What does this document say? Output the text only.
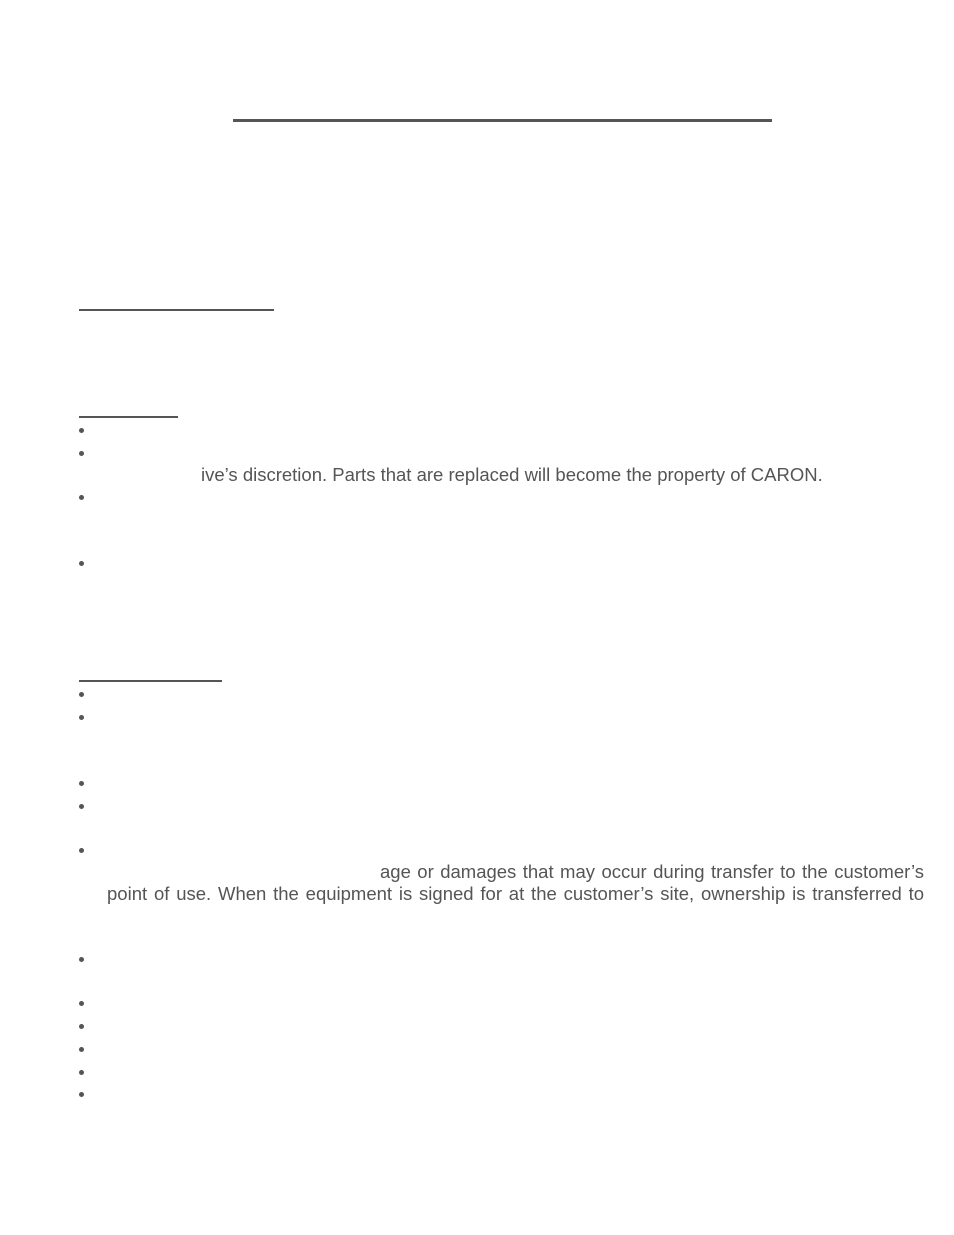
ive’s discretion. Parts that are replaced will become the property of CARON.
age or damages that may occur during transfer to the customer’s
point of use. When the equipment is signed for at the customer’s site, ownership is transferred to
